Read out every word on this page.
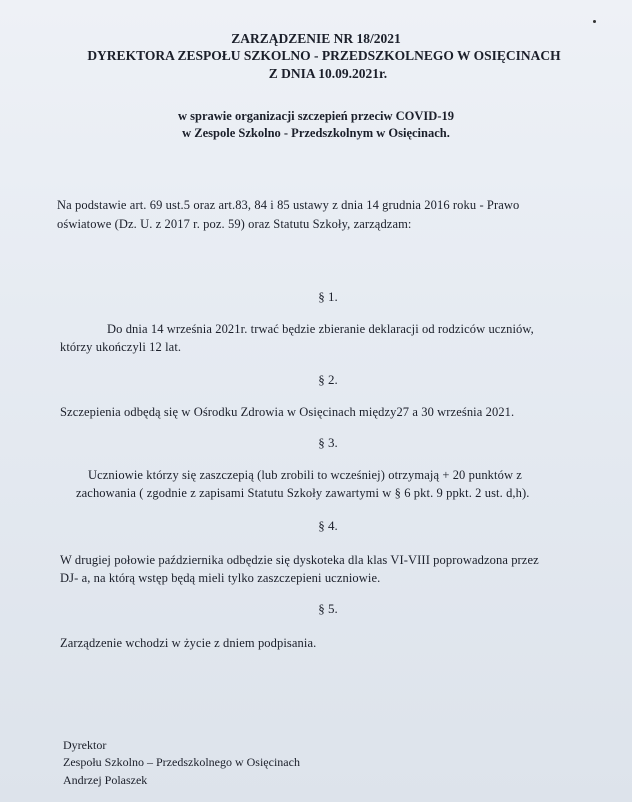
ZARZĄDZENIE NR 18/2021
DYREKTORA ZESPOŁU SZKOLNO - PRZEDSZKOLNEGO W OSIĘCINACH
Z DNIA 10.09.2021r.
w sprawie organizacji szczepień przeciw COVID-19
w Zespole Szkolno - Przedszkolnym w Osięcinach.
Na podstawie art. 69 ust.5 oraz art.83, 84 i 85 ustawy z dnia 14 grudnia 2016 roku - Prawo
oświatowe (Dz. U. z 2017 r. poz. 59) oraz Statutu Szkoły, zarządzam:
§ 1.
Do dnia 14 września 2021r. trwać będzie zbieranie deklaracji od rodziców uczniów,
którzy ukończyli 12 lat.
§ 2.
Szczepienia odbędą się w Ośrodku Zdrowia w Osięcinach między27 a 30 września 2021.
§ 3.
Uczniowie którzy się zaszczepią (lub zrobili to wcześniej) otrzymają + 20 punktów z
zachowania ( zgodnie z zapisami Statutu Szkoły zawartymi w § 6 pkt. 9 ppkt. 2 ust. d,h).
§ 4.
W drugiej połowie października odbędzie się dyskoteka dla klas VI-VIII poprowadzona przez
DJ- a, na którą wstęp będą mieli tylko zaszczepieni uczniowie.
§ 5.
Zarządzenie wchodzi w życie z dniem podpisania.
Dyrektor
Zespołu Szkolno – Przedszkolnego w Osięcinach
Andrzej Polaszek
